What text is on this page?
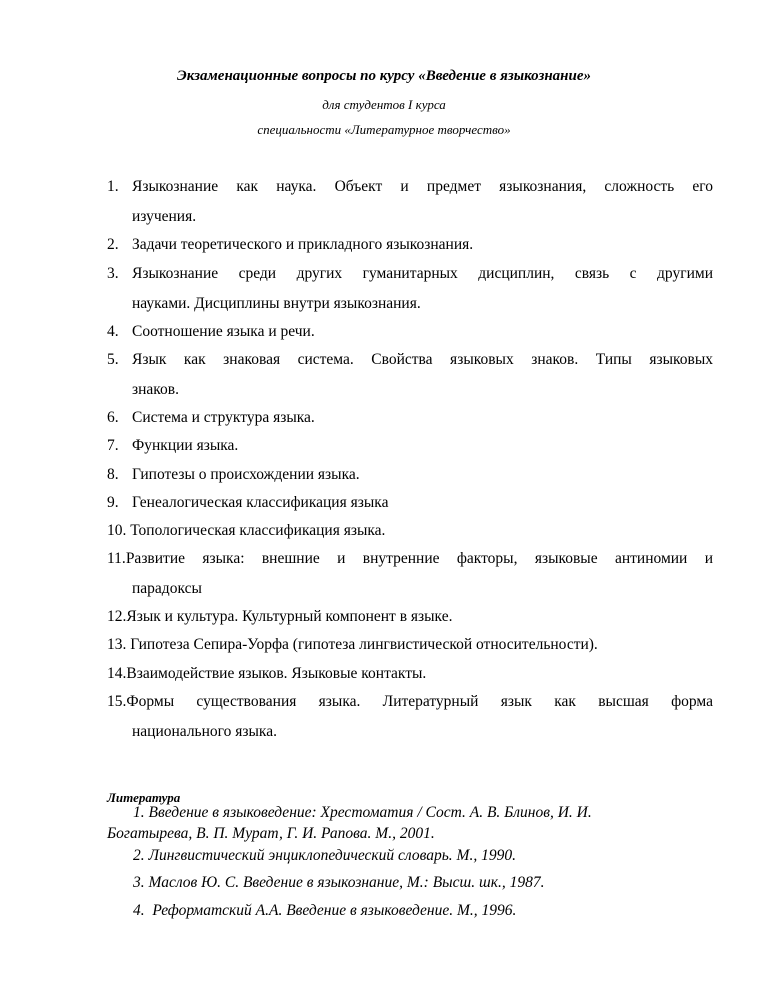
Экзаменационные вопросы по курсу «Введение в языкознание»
для студентов I курса
специальности «Литературное творчество»
1. Языкознание как наука. Объект и предмет языкознания, сложность его
изучения.
2. Задачи теоретического и прикладного языкознания.
3. Языкознание среди других гуманитарных дисциплин, связь с другими
науками. Дисциплины внутри языкознания.
4. Соотношение языка и речи.
5. Язык как знаковая система. Свойства языковых знаков. Типы языковых
знаков.
6. Система и структура языка.
7. Функции языка.
8. Гипотезы о происхождении языка.
9. Генеалогическая классификация языка
10. Топологическая классификация языка.
11.Развитие языка: внешние и внутренние факторы, языковые антиномии и
парадоксы
12.Язык и культура. Культурный компонент в языке.
13. Гипотеза Сепира-Уорфа (гипотеза лингвистической относительности).
14.Взаимодействие языков. Языковые контакты.
15.Формы существования языка. Литературный язык как высшая форма
национального языка.
Литература
1. Введение в языковедение: Хрестоматия / Сост. А. В. Блинов, И. И.
Богатырева, В. П. Мурат, Г. И. Рапова. М., 2001.
2. Лингвистический энциклопедический словарь. М., 1990.
3. Маслов Ю. С. Введение в языкознание, М.: Высш. шк., 1987.
4.  Реформатский А.А. Введение в языковедение. М., 1996.
